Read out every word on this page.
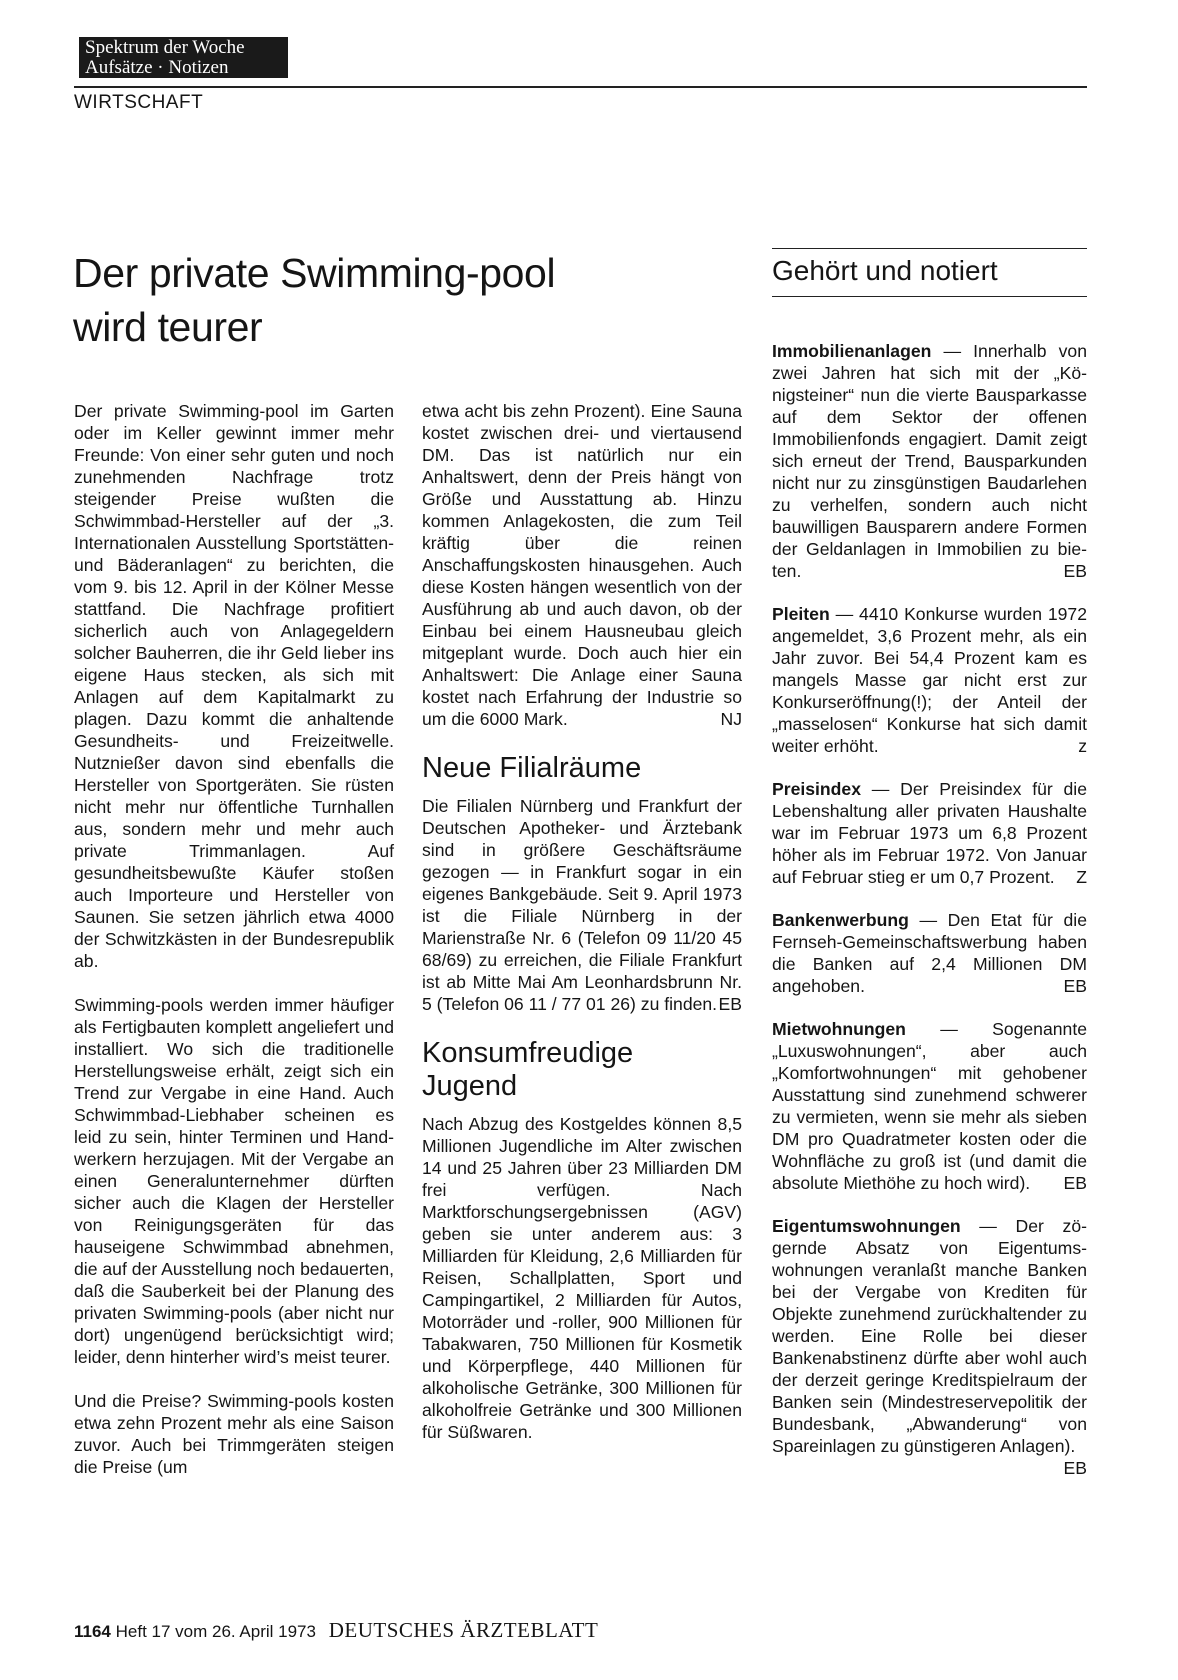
Spektrum der Woche
Aufsätze · Notizen
WIRTSCHAFT
Der private Swimming-pool
wird teurer

Der private Swimming-pool im Garten oder im Keller gewinnt immer mehr Freunde: Von einer sehr guten und noch zunehmenden Nachfrage trotz steigender Preise wußten die Schwimmbad-Hersteller auf der „3. Internationalen Ausstellung Sportstätten- und Bäderanlagen“ zu berichten, die vom 9. bis 12. April in der Kölner Messe stattfand. Die Nachfrage profitiert sicherlich auch von Anlagegeldern solcher Bauherren, die ihr Geld lieber ins eigene Haus stecken, als sich mit Anlagen auf dem Kapitalmarkt zu plagen. Dazu kommt die anhaltende Gesundheits- und Freizeitwelle. Nutznießer davon sind ebenfalls die Hersteller von Sportgeräten. Sie rüsten nicht mehr nur öffentliche Turnhallen aus, sondern mehr und mehr auch private Trimmanlagen. Auf gesundheitsbewußte Käufer stoßen auch Importeure und Hersteller von Saunen. Sie setzen jährlich etwa 4000 der Schwitzkästen in der Bundesrepublik ab.

Swimming-pools werden immer häufiger als Fertigbauten komplett angeliefert und installiert. Wo sich die traditionelle Herstellungsweise erhält, zeigt sich ein Trend zur Vergabe in eine Hand. Auch Schwimmbad-Liebhaber scheinen es leid zu sein, hinter Terminen und Handwerkern herzujagen. Mit der Vergabe an einen Generalunternehmer dürften sicher auch die Klagen der Hersteller von Reinigungsgeräten für das hauseigene Schwimmbad abnehmen, die auf der Ausstellung noch bedauerten, daß die Sauberkeit bei der Planung des privaten Swimming-pools (aber nicht nur dort) ungenügend berücksichtigt wird; leider, denn hinterher wird’s meist teurer.

Und die Preise? Swimming-pools kosten etwa zehn Prozent mehr als eine Saison zuvor. Auch bei Trimmgeräten steigen die Preise (um

etwa acht bis zehn Prozent). Eine Sauna kostet zwischen drei- und viertausend DM. Das ist natürlich nur ein Anhaltswert, denn der Preis hängt von Größe und Ausstattung ab. Hinzu kommen Anlagekosten, die zum Teil kräftig über die reinen Anschaffungskosten hinausgehen. Auch diese Kosten hängen wesentlich von der Ausführung ab und auch davon, ob der Einbau bei einem Hausneubau gleich mitgeplant wurde. Doch auch hier ein Anhaltswert: Die Anlage einer Sauna kostet nach Erfahrung der Industrie so um die 6000 Mark.	NJ

Neue Filialräume

Die Filialen Nürnberg und Frankfurt der Deutschen Apotheker- und Ärztebank sind in größere Geschäftsräume gezogen — in Frankfurt sogar in ein eigenes Bankgebäude. Seit 9. April 1973 ist die Filiale Nürnberg in der Marienstraße Nr. 6 (Telefon 09 11/20 45 68/69) zu erreichen, die Filiale Frankfurt ist ab Mitte Mai Am Leonhardsbrunn Nr. 5 (Telefon 06 11 / 77 01 26) zu finden. EB

Konsumfreudige
Jugend

Nach Abzug des Kostgeldes können 8,5 Millionen Jugendliche im Alter zwischen 14 und 25 Jahren über 23 Milliarden DM frei verfügen. Nach Marktforschungsergebnissen (AGV) geben sie unter anderem aus: 3 Milliarden für Kleidung, 2,6 Milliarden für Reisen, Schallplatten, Sport und Campingartikel, 2 Milliarden für Autos, Motorräder und -roller, 900 Millionen für Tabakwaren, 750 Millionen für Kosmetik und Körperpflege, 440 Millionen für alkoholische Getränke, 300 Millionen für alkoholfreie Getränke und 300 Millionen für Süßwaren.

Gehört und notiert

Immobilienanlagen — Innerhalb von zwei Jahren hat sich mit der „Königsteiner“ nun die vierte Bausparkasse auf dem Sektor der offenen Immobilienfonds engagiert. Damit zeigt sich erneut der Trend, Bausparkunden nicht nur zu zinsgünstigen Baudarlehen zu verhelfen, sondern auch nicht bauwilligen Bausparern andere Formen der Geldanlagen in Immobilien zu bieten.	EB

Pleiten — 4410 Konkurse wurden 1972 angemeldet, 3,6 Prozent mehr, als ein Jahr zuvor. Bei 54,4 Prozent kam es mangels Masse gar nicht erst zur Konkurseröffnung(!); der Anteil der „masselosen“ Konkurse hat sich damit weiter erhöht.	z

Preisindex — Der Preisindex für die Lebenshaltung aller privaten Haushalte war im Februar 1973 um 6,8 Prozent höher als im Februar 1972. Von Januar auf Februar stieg er um 0,7 Prozent. Z

Bankenwerbung — Den Etat für die Fernseh-Gemeinschaftswerbung haben die Banken auf 2,4 Millionen DM angehoben.	EB

Mietwohnungen — Sogenannte „Luxuswohnungen“, aber auch „Komfortwohnungen“ mit gehobener Ausstattung sind zunehmend schwerer zu vermieten, wenn sie mehr als sieben DM pro Quadratmeter kosten oder die Wohnfläche zu groß ist (und damit die absolute Miethöhe zu hoch wird). EB

Eigentumswohnungen — Der zögernde Absatz von Eigentumswohnungen veranlaßt manche Banken bei der Vergabe von Krediten für Objekte zunehmend zurückhaltender zu werden. Eine Rolle bei dieser Bankenabstinenz dürfte aber wohl auch der derzeit geringe Kreditspielraum der Banken sein (Mindestreservepolitik der Bundesbank, „Abwanderung“ von Spareinlagen zu günstigeren Anlagen).
EB

1164 Heft 17 vom 26. April 1973 DEUTSCHES ÄRZTEBLATT
